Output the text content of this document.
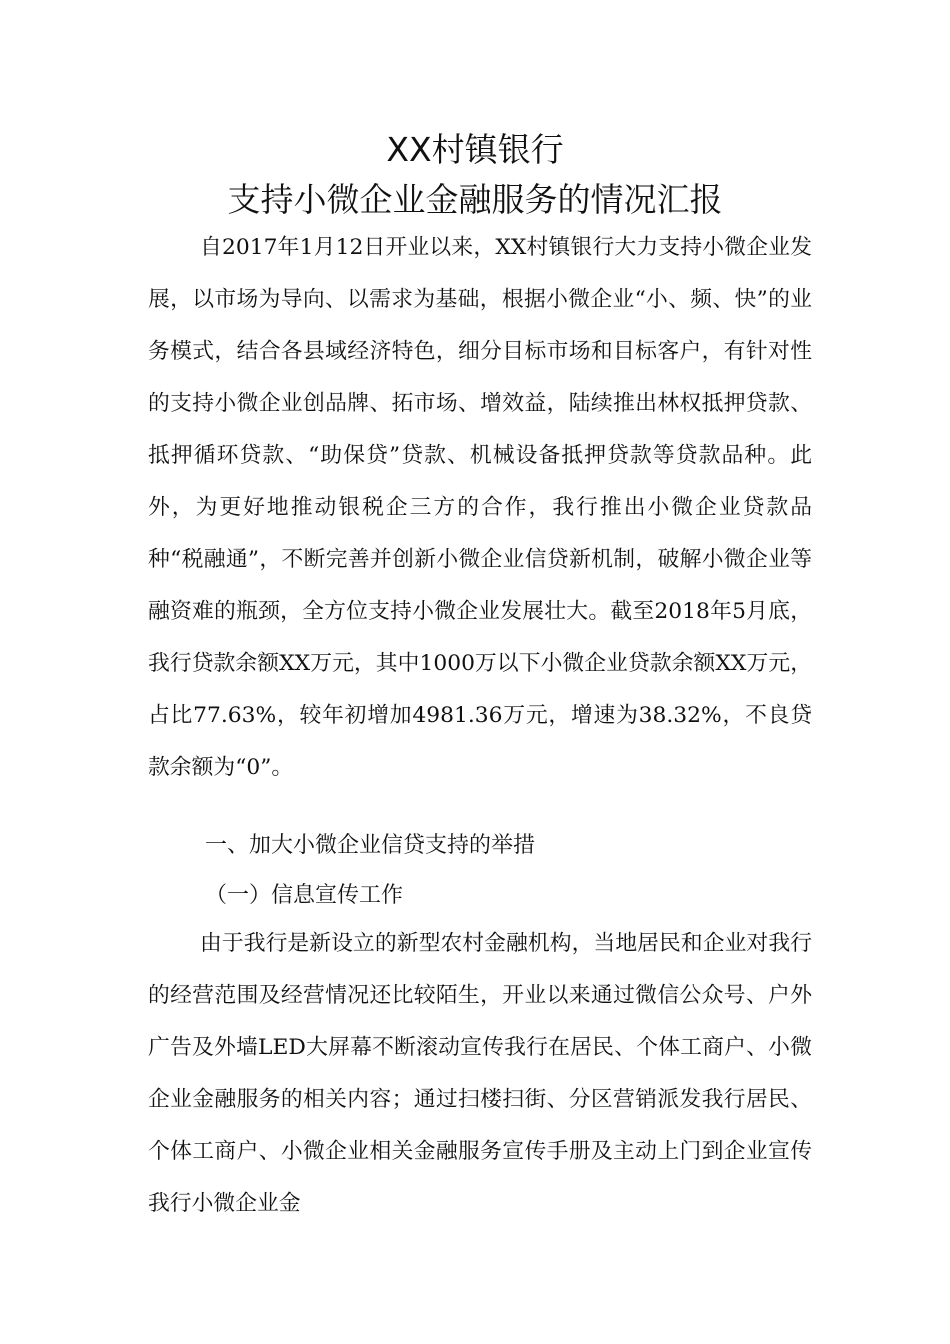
XX村镇银行
支持小微企业金融服务的情况汇报

自2017年1月12日开业以来，XX村镇银行大力支持小微企业发展，以市场为导向、以需求为基础，根据小微企业“小、频、快”的业务模式，结合各县域经济特色，细分目标市场和目标客户，有针对性的支持小微企业创品牌、拓市场、增效益，陆续推出林权抵押贷款、抵押循环贷款、“助保贷”贷款、机械设备抵押贷款等贷款品种。此外，为更好地推动银税企三方的合作，我行推出小微企业贷款品种“税融通”，不断完善并创新小微企业信贷新机制，破解小微企业等融资难的瓶颈，全方位支持小微企业发展壮大。截至2018年5月底，我行贷款余额XX万元，其中1000万以下小微企业贷款余额XX万元，占比77.63%，较年初增加4981.36万元，增速为38.32%，不良贷款余额为“0”。

一、加大小微企业信贷支持的举措
（一）信息宣传工作

由于我行是新设立的新型农村金融机构，当地居民和企业对我行的经营范围及经营情况还比较陌生，开业以来通过微信公众号、户外广告及外墙LED大屏幕不断滚动宣传我行在居民、个体工商户、小微企业金融服务的相关内容；通过扫楼扫街、分区营销派发我行居民、个体工商户、小微企业相关金融服务宣传手册及主动上门到企业宣传我行小微企业金
